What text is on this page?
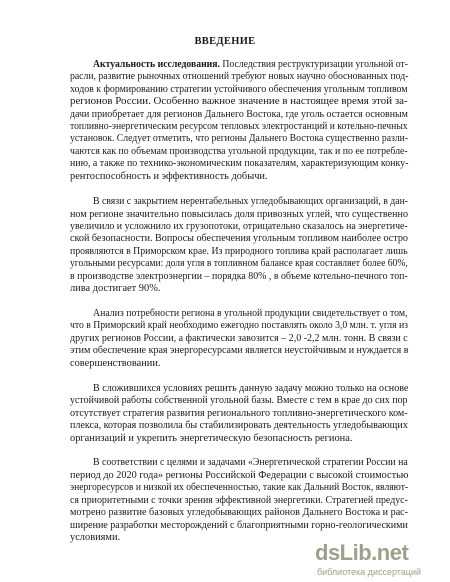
ВВЕДЕНИЕ
Актуальность исследования. Последствия реструктуризации угольной от-
расли, развитие рыночных отношений требуют новых научно обоснованных под-
ходов к формированию стратегии устойчивого обеспечения угольным топливом
регионов России. Особенно важное значение в настоящее время этой за-
дачи приобретает для регионов Дальнего Востока, где уголь остается основным
топливно-энергетическим ресурсом тепловых электростанций и котельно-печных
установок. Следует отметить, что регионы Дальнего Востока существенно разли-
чаются как по объемам производства угольной продукции, так и по ее потребле-
нию, а также по технико-экономическим показателям, характеризующим конку-
рентоспособность и эффективность добычи.
В связи с закрытием нерентабельных угледобывающих организаций, в дан-
ном регионе значительно повысилась доля привозных углей, что существенно
увеличило и усложнило их грузопотоки, отрицательно сказалось на энергетиче-
ской безопасности. Вопросы обеспечения угольным топливом наиболее остро
проявляются в Приморском крае. Из природного топлива край располагает лишь
угольными ресурсами: доля угля в топливном балансе края составляет более 60%,
в производстве электроэнергии – порядка 80% , в объеме котельно-печного топ-
лива достигает 90%.
Анализ потребности региона в угольной продукции свидетельствует о том,
что в Приморский край необходимо ежегодно поставлять около 3,0 млн. т. угля из
других регионов России, а фактически завозится – 2,0 -2,2 млн. тонн. В связи с
этим обеспечение края энергоресурсами является неустойчивым и нуждается в
совершенствовании.
В сложившихся условиях решить данную задачу можно только на основе
устойчивой работы собственной угольной базы. Вместе с тем в крае до сих пор
отсутствует стратегия развития регионального топливно-энергетического ком-
плекса, которая позволила бы стабилизировать деятельность угледобывающих
организаций и укрепить энергетическую безопасность региона.
В соответствии с целями и задачами «Энергетической стратегии России на
период до 2020 года» регионы Российской Федерации с высокой стоимостью
энергоресурсов и низкой их обеспеченностью, такие как Дальний Восток, являют-
ся приоритетными с точки зрения эффективной энергетики. Стратегией предус-
мотрено развитие базовых угледобывающих районов Дальнего Востока и рас-
ширение разработки месторождений с благоприятными горно-геологическими
условиями.
dsLib.net
библиотека диссертаций
